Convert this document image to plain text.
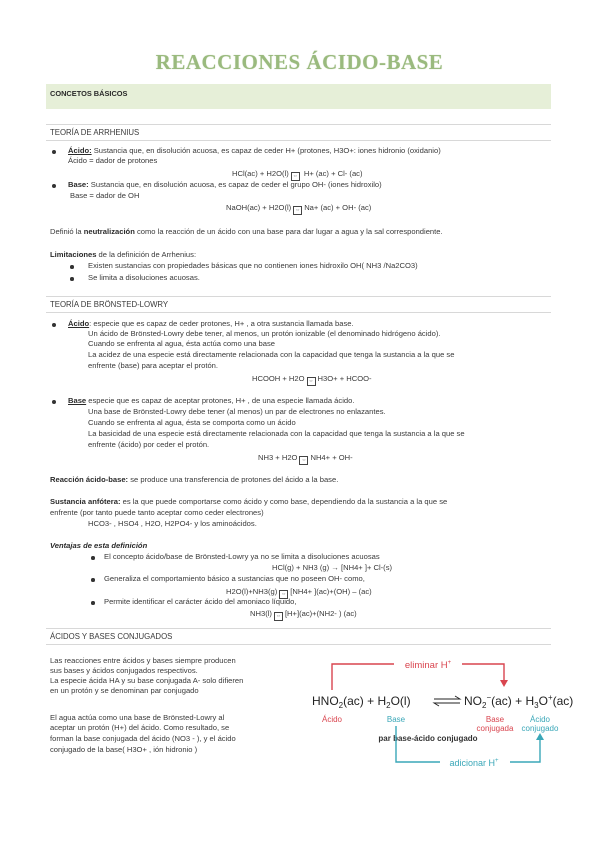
REACCIONES ÁCIDO-BASE
CONCETOS BÁSICOS
TEORÍA DE ARRHENIUS
Ácido: Sustancia que, en disolución acuosa, es capaz de ceder H+ (protones, H3O+: iones hidronio (oxidanio)
Ácido = dador de protones
HCl(ac) + H2O(l) ⇔ H+ (ac) + Cl- (ac)
Base: Sustancia que, en disolución acuosa, es capaz de ceder el grupo OH- (iones hidroxilo)
Base = dador de OH
NaOH(ac) + H2O(l) ⇔ Na+ (ac) + OH- (ac)
Definió la neutralización como la reacción de un ácido con una base para dar lugar a agua y la sal correspondiente.
Limitaciones de la definición de Arrhenius:
Existen sustancias con propiedades básicas que no contienen iones hidroxilo OH( NH3 /Na2CO3)
Se limita a disoluciones acuosas.
TEORÍA DE BRÖNSTED-LOWRY
Ácido: especie que es capaz de ceder protones, H+ , a otra sustancia llamada base.
Un ácido de Brönsted-Lowry debe tener, al menos, un protón ionizable (el denominado hidrógeno ácido).
Cuando se enfrenta al agua, ésta actúa como una base
La acidez de una especie está directamente relacionada con la capacidad que tenga la sustancia a la que se
enfrente (base) para aceptar el protón.
HCOOH + H2O ⇔ H3O+ + HCOO-
Base especie que es capaz de aceptar protones, H+ , de una especie llamada ácido.
Una base de Brönsted-Lowry debe tener (al menos) un par de electrones no enlazantes.
Cuando se enfrenta al agua, ésta se comporta como un ácido
La basicidad de una especie está directamente relacionada con la capacidad que tenga la sustancia a la que se
enfrente (ácido) por ceder el protón.
NH3 + H2O ⇔ NH4+ + OH-
Reacción ácido-base: se produce una transferencia de protones del ácido a la base.
Sustancia anfótera: es la que puede comportarse como ácido y como base, dependiendo da la sustancia a la que se
enfrente (por tanto puede tanto aceptar como ceder electrones)
HCO3- , HSO4 , H2O, H2PO4- y los aminoácidos.
Ventajas de esta definición
El concepto ácido/base de Brönsted-Lowry ya no se limita a disoluciones acuosas
HCl(g) + NH3 (g) → [NH4+ ]+ Cl-(s)
Generaliza el comportamiento básico a sustancias que no poseen OH- como,
H2O(l)+NH3(g) ⇔ [NH4+ ](ac)+(OH) – (ac)
Permite identificar el carácter ácido del amoniaco líquido,
NH3(l) ⇔ [H+](ac)+(NH2- ) (ac)
ÁCIDOS Y BASES CONJUGADOS
Las reacciones entre ácidos y bases siempre producen
sus bases y ácidos conjugados respectivos.
La especie ácida HA y su base conjugada A- solo difieren
en un protón y se denominan par conjugado
El agua actúa como una base de Brönsted-Lowry al
aceptar un protón (H+) del ácido. Como resultado, se
forman la base conjugada del ácido (NO3 - ), y el ácido
conjugado de la base( H3O+ , ión hidronio )
eliminar H+
$HNO_2(ac) + H_2O(l)$	$NO_2^-(ac) + H_3O^+(ac)$
Ácido	Base	Base
conjugada
Ácido
conjugado
par base-ácido conjugado
adicionar H+
